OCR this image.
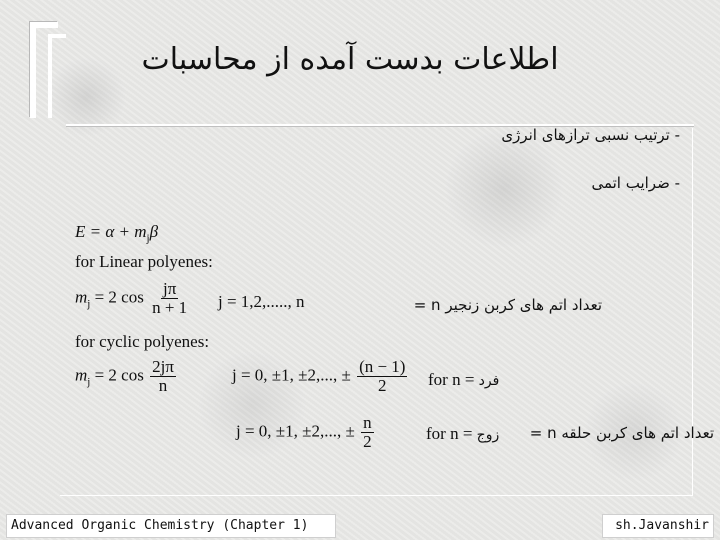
اطلاعات بدست آمده از محاسبات
- ترتیب نسبی ترازهای انرژی
- ضرایب اتمی
$E = \alpha + m_j\beta$
for Linear polyenes:
$m_j = 2$ $\cos \frac{j\pi}{n + 1}$ j = 1,2,....., n	تعداد اتم های کربن زنجیر n =
for cyclic polyenes:
$m_j = 2$ $\cos \frac{2j\pi}{n}$	j = 0, ±1, ±2,..., ± $\frac{(n - 1)}{2}$ for n = فرد
j = 0, ±1, ±2,..., ± $\frac{n}{2}$	for n = زوج	تعداد اتم های کربن حلقه n =
Advanced Organic Chemistry (Chapter 1)	sh.Javanshir
